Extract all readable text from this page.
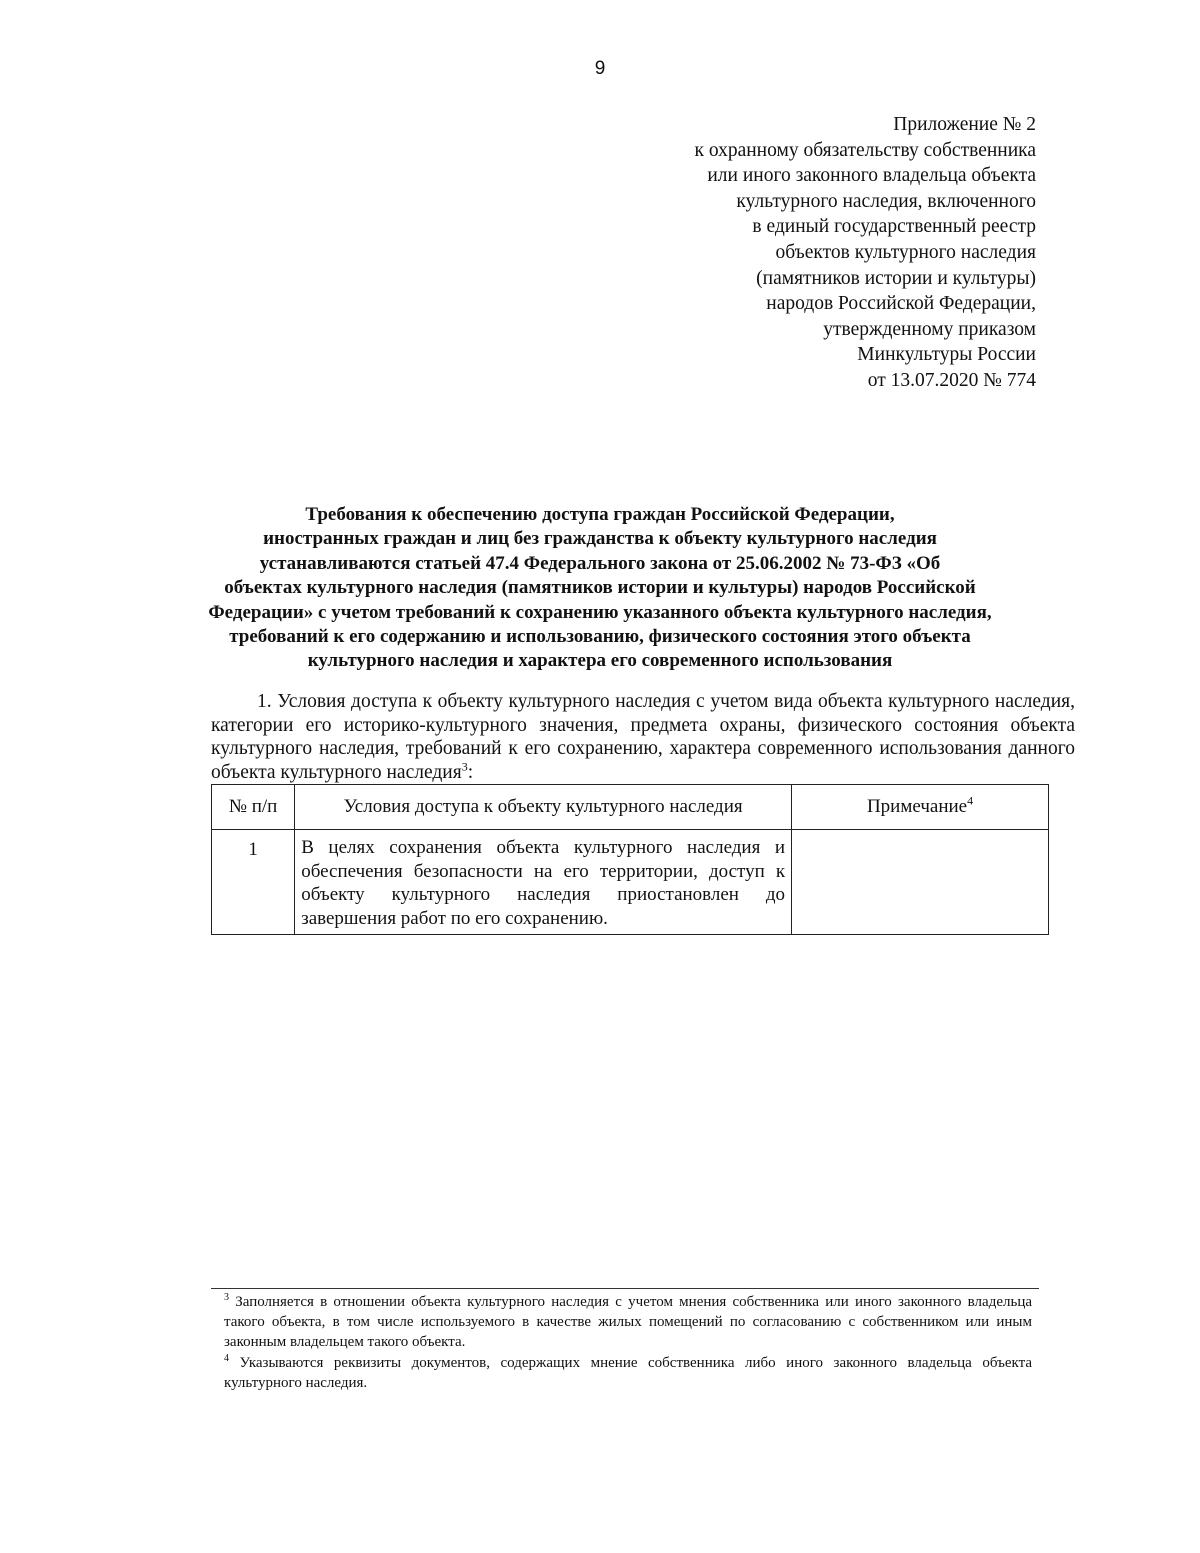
9
Приложение № 2
к охранному обязательству собственника
или иного законного владельца объекта
культурного наследия, включенного
в единый государственный реестр
объектов культурного наследия
(памятников истории и культуры)
народов Российской Федерации,
утвержденному приказом
Минкультуры России
от 13.07.2020 № 774
Требования к обеспечению доступа граждан Российской Федерации,
иностранных граждан и лиц без гражданства к объекту культурного наследия
устанавливаются статьей 47.4 Федерального закона от 25.06.2002 № 73-ФЗ «Об
объектах культурного наследия (памятников истории и культуры) народов Российской
Федерации» с учетом требований к сохранению указанного объекта культурного наследия,
требований к его содержанию и использованию, физического состояния этого объекта
культурного наследия и характера его современного использования
1. Условия доступа к объекту культурного наследия с учетом вида объекта культурного наследия, категории его историко-культурного значения, предмета охраны, физического состояния объекта культурного наследия, требований к его сохранению, характера современного использования данного объекта культурного наследия$^3$:
№ п/п	Условия доступа к объекту культурного наследия	Примечание$^4$
1	В целях сохранения объекта культурного наследия и обеспечения безопасности на его территории, доступ к объекту культурного наследия приостановлен до завершения работ по его сохранению.	

$^3$ Заполняется в отношении объекта культурного наследия с учетом мнения собственника или иного законного владельца такого объекта, в том числе используемого в качестве жилых помещений по согласованию с собственником или иным законным владельцем такого объекта.

$^4$ Указываются реквизиты документов, содержащих мнение собственника либо иного законного владельца объекта культурного наследия.
